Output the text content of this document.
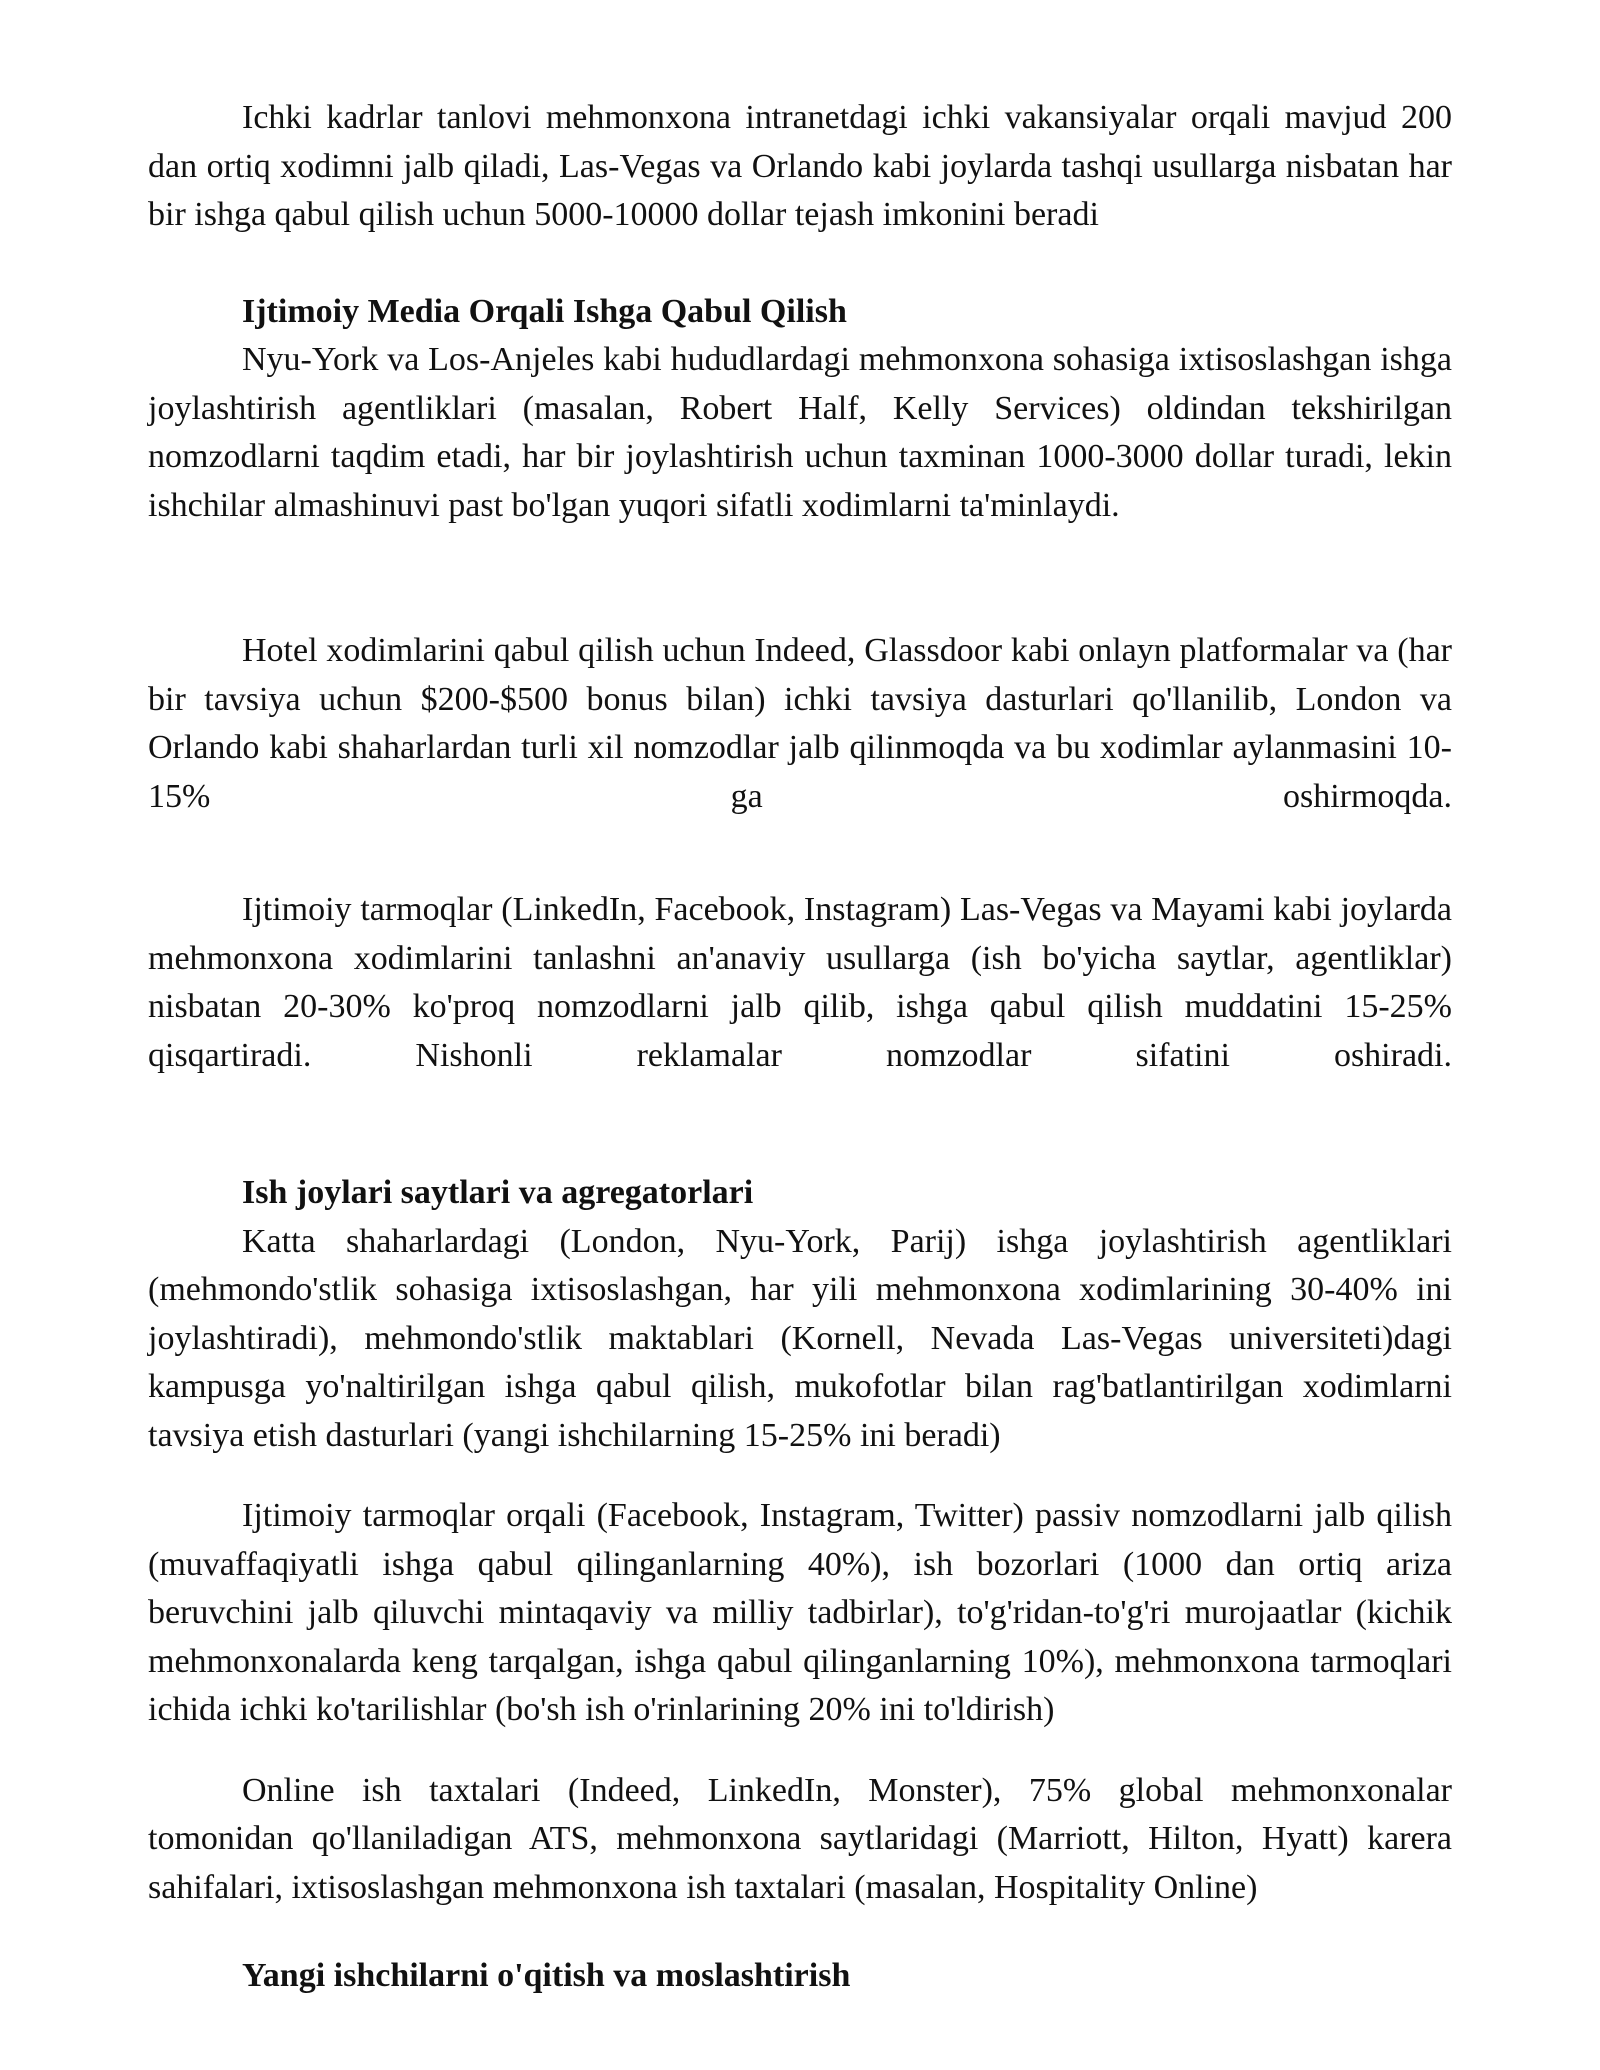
Ichki kadrlar tanlovi mehmonxona intranetdagi ichki vakansiyalar orqali mavjud 200 dan ortiq xodimni jalb qiladi, Las-Vegas va Orlando kabi joylarda tashqi usullarga nisbatan har bir ishga qabul qilish uchun 5000-10000 dollar tejash imkonini beradi

Ijtimoiy Media Orqali Ishga Qabul Qilish

Nyu-York va Los-Anjeles kabi hududlardagi mehmonxona sohasiga ixtisoslashgan ishga joylashtirish agentliklari (masalan, Robert Half, Kelly Services) oldindan tekshirilgan nomzodlarni taqdim etadi, har bir joylashtirish uchun taxminan 1000-3000 dollar turadi, lekin ishchilar almashinuvi past bo'lgan yuqori sifatli xodimlarni ta'minlaydi.

Hotel xodimlarini qabul qilish uchun Indeed, Glassdoor kabi onlayn platformalar va (har bir tavsiya uchun $200-$500 bonus bilan) ichki tavsiya dasturlari qo'llanilib, London va Orlando kabi shaharlardan turli xil nomzodlar jalb qilinmoqda va bu xodimlar aylanmasini 10-15% ga oshirmoqda.

Ijtimoiy tarmoqlar (LinkedIn, Facebook, Instagram) Las-Vegas va Mayami kabi joylarda mehmonxona xodimlarini tanlashni an'anaviy usullarga (ish bo'yicha saytlar, agentliklar) nisbatan 20-30% ko'proq nomzodlarni jalb qilib, ishga qabul qilish muddatini 15-25% qisqartiradi. Nishonli reklamalar nomzodlar sifatini oshiradi.

Ish joylari saytlari va agregatorlari

Katta shaharlardagi (London, Nyu-York, Parij) ishga joylashtirish agentliklari (mehmondo'stlik sohasiga ixtisoslashgan, har yili mehmonxona xodimlarining 30-40% ini joylashtiradi), mehmondo'stlik maktablari (Kornell, Nevada Las-Vegas universiteti)dagi kampusga yo'naltirilgan ishga qabul qilish, mukofotlar bilan rag'batlantirilgan xodimlarni tavsiya etish dasturlari (yangi ishchilarning 15-25% ini beradi)

Ijtimoiy tarmoqlar orqali (Facebook, Instagram, Twitter) passiv nomzodlarni jalb qilish (muvaffaqiyatli ishga qabul qilinganlarning 40%), ish bozorlari (1000 dan ortiq ariza beruvchini jalb qiluvchi mintaqaviy va milliy tadbirlar), to'g'ridan-to'g'ri murojaatlar (kichik mehmonxonalarda keng tarqalgan, ishga qabul qilinganlarning 10%), mehmonxona tarmoqlari ichida ichki ko'tarilishlar (bo'sh ish o'rinlarining 20% ini to'ldirish)

Online ish taxtalari (Indeed, LinkedIn, Monster), 75% global mehmonxonalar tomonidan qo'llaniladigan ATS, mehmonxona saytlaridagi (Marriott, Hilton, Hyatt) karera sahifalari, ixtisoslashgan mehmonxona ish taxtalari (masalan, Hospitality Online)

Yangi ishchilarni o'qitish va moslashtirish
